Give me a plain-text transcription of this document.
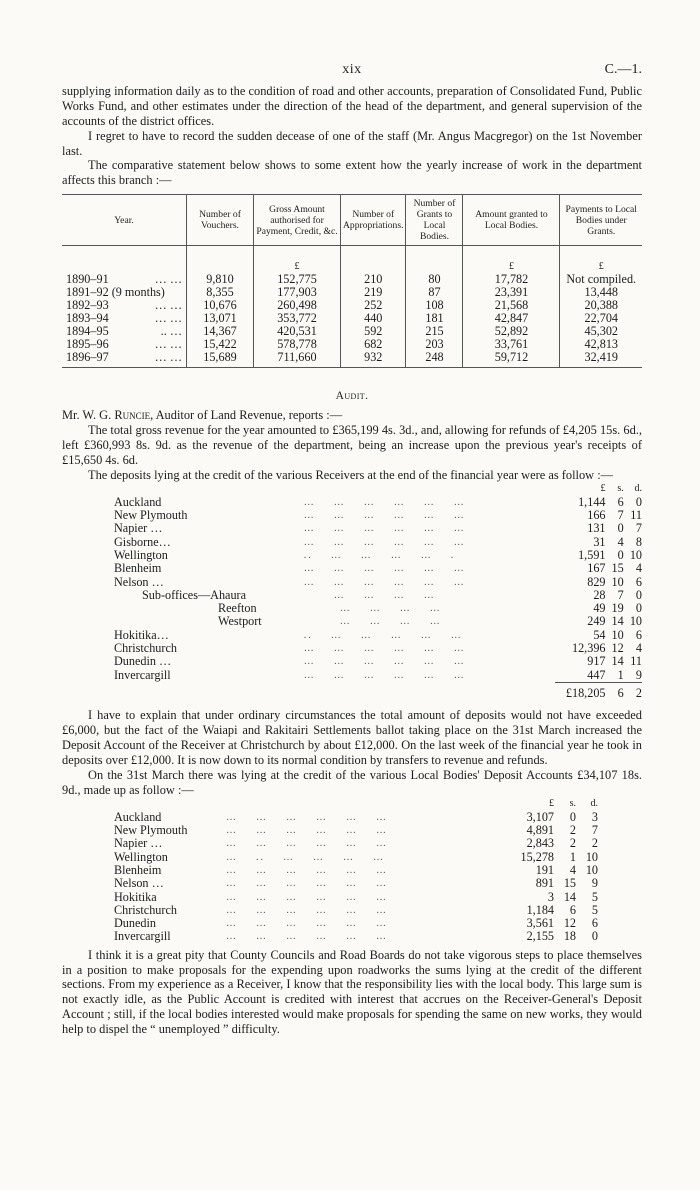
xix	C.—1.

supplying information daily as to the condition of road and other accounts, preparation of Consolidated Fund, Public Works Fund, and other estimates under the direction of the head of the department, and general supervision of the accounts of the district offices.

I regret to have to record the sudden decease of one of the staff (Mr. Angus Macgregor) on the 1st November last.

The comparative statement below shows to some extent how the yearly increase of work in the department affects this branch :—

Year.	Number of Vouchers.	Gross Amount authorised for Payment, Credit, &c.	Number of Appropriations.	Number of Grants to Local Bodies.	Amount granted to Local Bodies.	Payments to Local Bodies under Grants.
		£			£	£

1890–91 … …	9,810	152,775	210	80	17,782	Not compiled.

1891–92 (9 months)	8,355	177,903	219	87	23,391	13,448

1892–93 … …	10,676	260,498	252	108	21,568	20,388

1893–94 … …	13,071	353,772	440	181	42,847	22,704

1894–95 .. …	14,367	420,531	592	215	52,892	45,302

1895–96 … …	15,422	578,778	682	203	33,761	42,813

1896–97 … …	15,689	711,660	932	248	59,712	32,419
Audit.

Mr. W. G. Runcie, Auditor of Land Revenue, reports :—

The total gross revenue for the year amounted to £365,199 4s. 3d., and, allowing for refunds of £4,205 15s. 6d., left £360,993 8s. 9d. as the revenue of the department, being an increase upon the previous year's receipts of £15,650 4s. 6d.

The deposits lying at the credit of the various Receivers at the end of the financial year were as follow :—

		£	s.	d.
Auckland	…    …    …    …    …    …	1,144	6	0
New Plymouth	…    …    …    …    …    …	166	7	11
Napier …	…    …    …    …    …    …	131	0	7
Gisborne…	…    …    …    …    …    …	31	4	8
Wellington	..    …    …    …    …    .	1,591	0	10
Blenheim	…    …    …    …    …    …	167	15	4
Nelson …	…    …    …    …    …    …	829	10	6
Sub-offices—Ahaura	…    …    …    …	28	7	0
Reefton	…    …    …    …	49	19	0
Westport	…    …    …    …	249	14	10
Hokitika…	..    …    …    …    …    …	54	10	6
Christchurch	…    …    …    …    …    …	12,396	12	4
Dunedin …	…    …    …    …    …    …	917	14	11
Invercargill	…    …    …    …    …    …	447	1	9
		£18,205	6	2

I have to explain that under ordinary circumstances the total amount of deposits would not have exceeded £6,000, but the fact of the Waiapi and Rakitairi Settlements ballot taking place on the 31st March increased the Deposit Account of the Receiver at Christchurch by about £12,000. On the last week of the financial year he took in deposits over £12,000. It is now down to its normal condition by transfers to revenue and refunds.

On the 31st March there was lying at the credit of the various Local Bodies' Deposit Accounts £34,107 18s. 9d., made up as follow :—

		£	s.	d.
Auckland	…    …    …    …    …    …	3,107	0	3
New Plymouth	…    …    …    …    …    …	4,891	2	7
Napier …	…    …    …    …    …    …	2,843	2	2
Wellington	…    ..    …    …    …    …	15,278	1	10
Blenheim	…    …    …    …    …    …	191	4	10
Nelson …	…    …    …    …    …    …	891	15	9
Hokitika	…    …    …    …    …    …	3	14	5
Christchurch	…    …    …    …    …    …	1,184	6	5
Dunedin	…    …    …    …    …    …	3,561	12	6
Invercargill	…    …    …    …    …    …	2,155	18	0

I think it is a great pity that County Councils and Road Boards do not take vigorous steps to place themselves in a position to make proposals for the expending upon roadworks the sums lying at the credit of the different sections. From my experience as a Receiver, I know that the responsibility lies with the local body. This large sum is not exactly idle, as the Public Account is credited with interest that accrues on the Receiver-General's Deposit Account ; still, if the local bodies interested would make proposals for spending the same on new works, they would help to dispel the “ unemployed ” difficulty.
